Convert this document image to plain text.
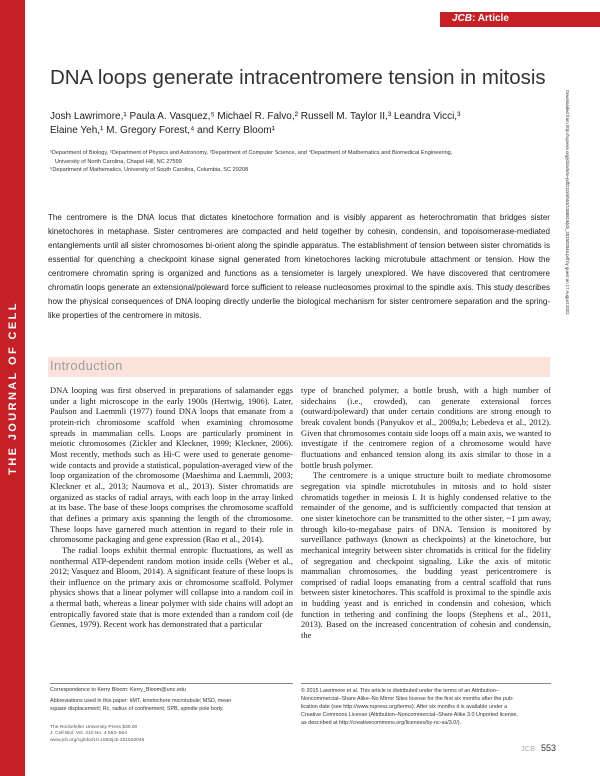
THE JOURNAL OF CELL BIOLOGY
JCB: Article
DNA loops generate intracentromere tension in mitosis
Josh Lawrimore,¹ Paula A. Vasquez,⁵ Michael R. Falvo,² Russell M. Taylor II,³ Leandra Vicci,³
Elaine Yeh,¹ M. Gregory Forest,⁴ and Kerry Bloom¹
¹Department of Biology, ²Department of Physics and Astronomy, ³Department of Computer Science, and ⁴Department of Mathematics and Biomedical Engineering,
University of North Carolina, Chapel Hill, NC 27599
⁵Department of Mathematics, University of South Carolina, Columbia, SC 29208
The centromere is the DNA locus that dictates kinetochore formation and is visibly apparent as heterochromatin that bridges sister kinetochores in metaphase. Sister centromeres are compacted and held together by cohesin, condensin, and topoisomerase-mediated entanglements until all sister chromosomes bi-orient along the spindle apparatus. The establishment of tension between sister chromatids is essential for quenching a checkpoint kinase signal generated from kinetochores lacking microtubule attachment or tension. How the centromere chromatin spring is organized and functions as a tensiometer is largely unexplored. We have discovered that centromere chromatin loops generate an extensional/poleward force sufficient to release nucleosomes proximal to the spindle axis. This study describes how the physical consequences of DNA looping directly underlie the biological mechanism for sister centromere separation and the spring-like properties of the centromere in mitosis.
Downloaded from http://rupress.org/jcb/article-pdf/210/4/553/1388818/jcb_201502046.pdf by guest on 17 August 2022
Introduction

DNA looping was first observed in preparations of salamander eggs under a light microscope in the early 1900s (Hertwig, 1906). Later, Paulson and Laemmli (1977) found DNA loops that emanate from a protein-rich chromosome scaffold when examining chromosome spreads in mammalian cells. Loops are particularly prominent in meiotic chromosomes (Zickler and Kleckner, 1999; Kleckner, 2006). Most recently, methods such as Hi-C were used to generate genome-wide contacts and provide a statistical, population-averaged view of the loop organization of the chromosome (Maeshima and Laemmli, 2003; Kleckner et al., 2013; Naumova et al., 2013). Sister chromatids are organized as stacks of radial arrays, with each loop in the array linked at its base. The base of these loops comprises the chromosome scaffold that defines a primary axis spanning the length of the chromosome. These loops have garnered much attention in regard to their role in chromosome packaging and gene expression (Rao et al., 2014).

The radial loops exhibit thermal entropic fluctuations, as well as nonthermal ATP-dependent random motion inside cells (Weber et al., 2012; Vasquez and Bloom, 2014). A significant feature of these loops is their influence on the primary axis or chromosome scaffold. Polymer physics shows that a linear polymer will collapse into a random coil in a thermal bath, whereas a linear polymer with side chains will adopt an entropically favored state that is more extended than a random coil (de Gennes, 1979). Recent work has demonstrated that a particular

type of branched polymer, a bottle brush, with a high number of sidechains (i.e., crowded), can generate extensional forces (outward/poleward) that under certain conditions are strong enough to break covalent bonds (Panyukov et al., 2009a,b; Lebedeva et al., 2012). Given that chromosomes contain side loops off a main axis, we wanted to investigate if the centromere region of a chromosome would have fluctuations and enhanced tension along its axis similar to those in a bottle brush polymer.

The centromere is a unique structure built to mediate chromosome segregation via spindle microtubules in mitosis and to hold sister chromatids together in meiosis I. It is highly condensed relative to the remainder of the genome, and is sufficiently compacted that tension at one sister kinetochore can be transmitted to the other sister, ~1 µm away, through kilo-to-megabase pairs of DNA. Tension is monitored by surveillance pathways (known as checkpoints) at the kinetochore, but mechanical integrity between sister chromatids is critical for the fidelity of segregation and checkpoint signaling. Like the axis of mitotic mammalian chromosomes, the budding yeast pericentromere is comprised of radial loops emanating from a central scaffold that runs between sister kinetochores. This scaffold is proximal to the spindle axis in budding yeast and is enriched in condensin and cohesion, which function in tethering and confining the loops (Stephens et al., 2011, 2013). Based on the increased concentration of cohesin and condensin, the

Correspondence to Kerry Bloom: Kerry_Bloom@unc.edu
Abbreviations used in this paper: kMT, kinetochore microtubule; MSD, mean
square displacement; Rc, radius of confinement; SPB, spindle pole body.
© 2015 Lawrimore et al. This article is distributed under the terms of an Attribution–
Noncommercial–Share Alike–No Mirror Sites license for the first six months after the pub-
lication date (see http://www.rupress.org/terms). After six months it is available under a
Creative Commons License (Attribution–Noncommercial–Share Alike 3.0 Unported license,
as described at http://creativecommons.org/licenses/by-nc-sa/3.0/).
The Rockefeller University Press $30.00
J. Cell Biol. Vol. 210 No. 4 553–564
www.jcb.org/cgi/doi/10.1083/jcb.201502046
JCB 553
